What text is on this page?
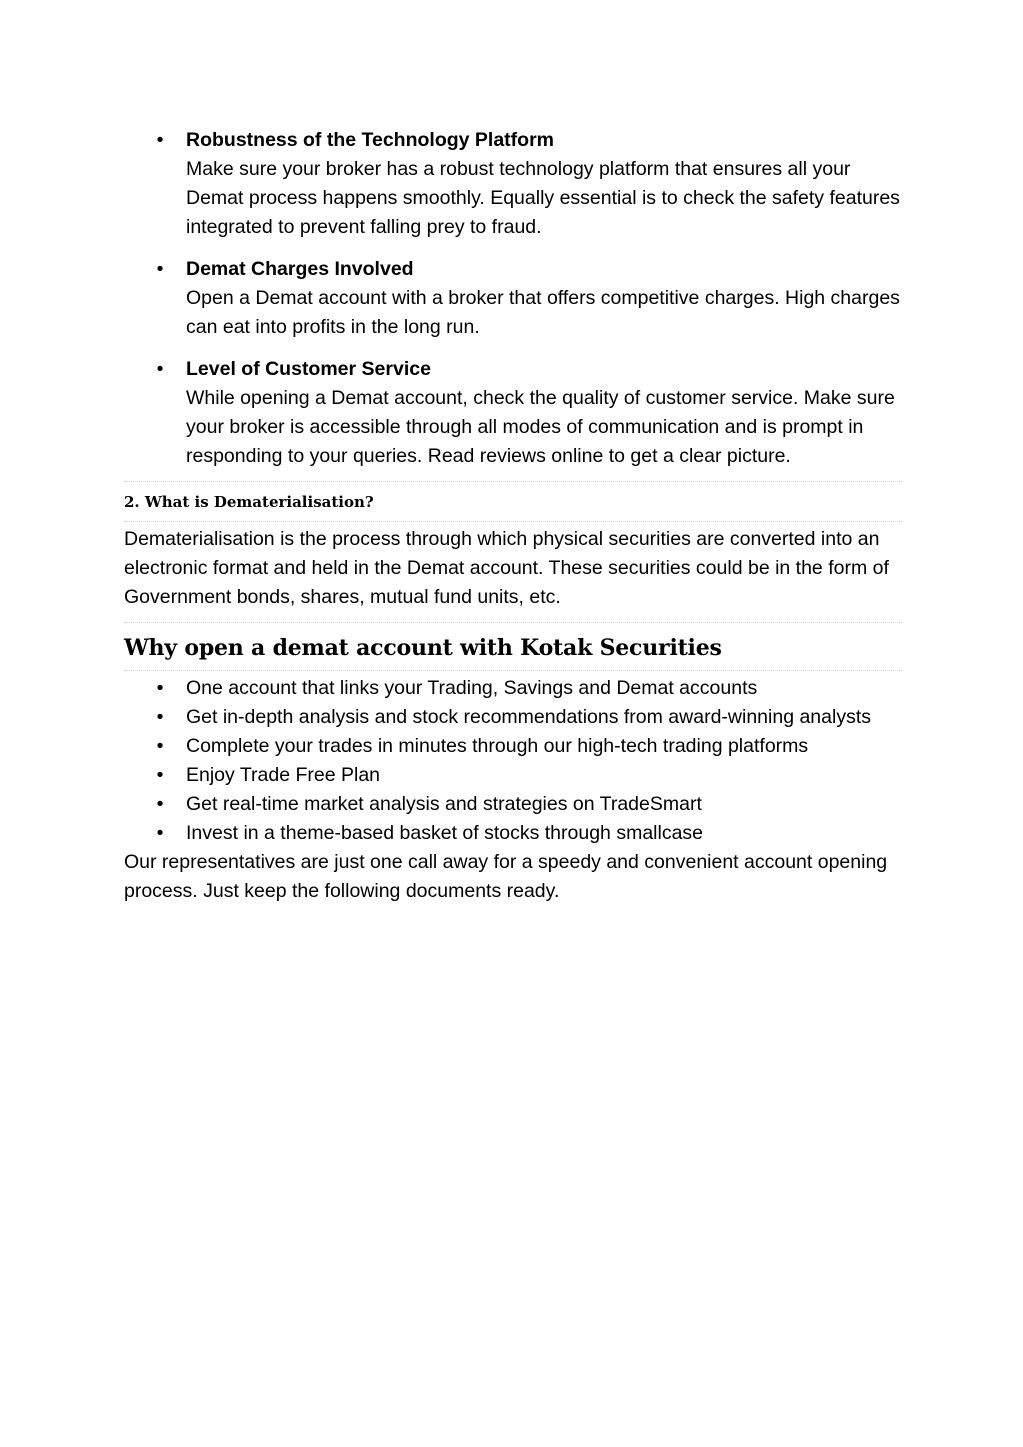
• Robustness of the Technology Platform
Make sure your broker has a robust technology platform that ensures all your Demat process happens smoothly. Equally essential is to check the safety features integrated to prevent falling prey to fraud.
• Demat Charges Involved
Open a Demat account with a broker that offers competitive charges. High charges can eat into profits in the long run.
• Level of Customer Service
While opening a Demat account, check the quality of customer service. Make sure your broker is accessible through all modes of communication and is prompt in responding to your queries. Read reviews online to get a clear picture.
2. What is Dematerialisation?
Dematerialisation is the process through which physical securities are converted into an electronic format and held in the Demat account. These securities could be in the form of Government bonds, shares, mutual fund units, etc.
Why open a demat account with Kotak Securities
• One account that links your Trading, Savings and Demat accounts
• Get in-depth analysis and stock recommendations from award-winning analysts
• Complete your trades in minutes through our high-tech trading platforms
• Enjoy Trade Free Plan
• Get real-time market analysis and strategies on TradeSmart
• Invest in a theme-based basket of stocks through smallcase

Our representatives are just one call away for a speedy and convenient account opening process. Just keep the following documents ready.
